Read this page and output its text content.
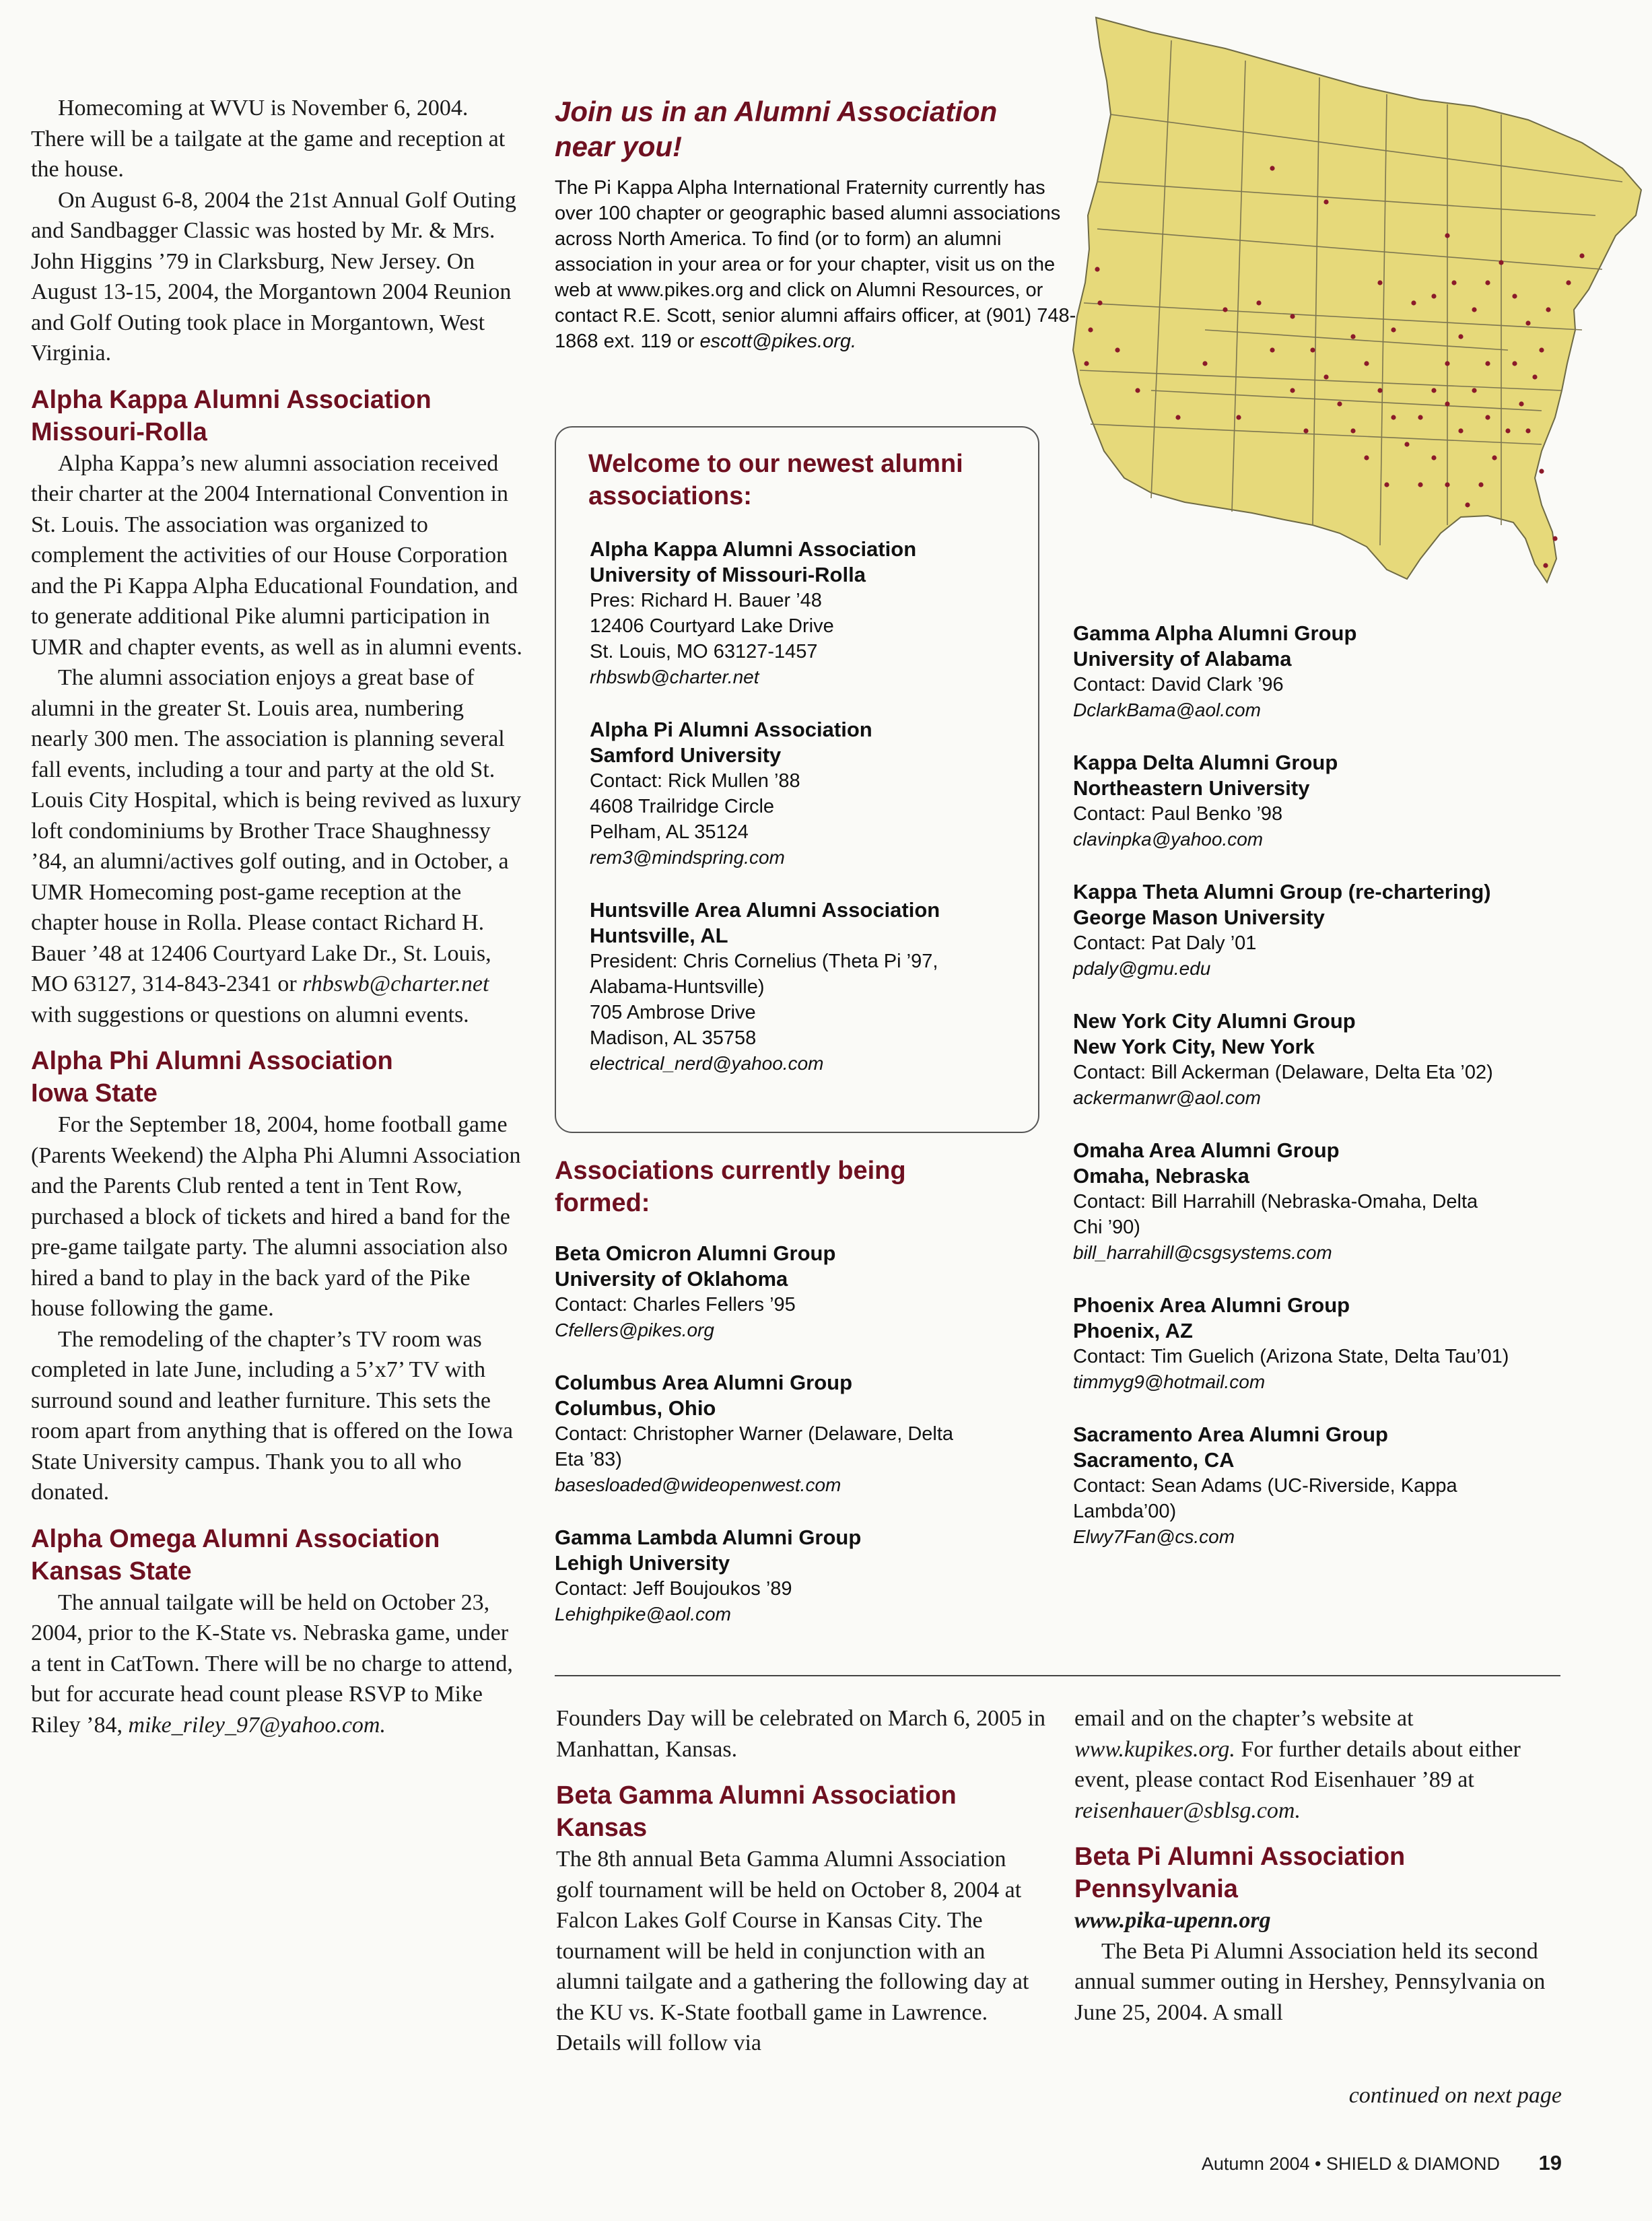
Homecoming at WVU is November 6, 2004. There will be a tailgate at the game and reception at the house.

On August 6-8, 2004 the 21st Annual Golf Outing and Sandbagger Classic was hosted by Mr. & Mrs. John Higgins ’79 in Clarksburg, New Jersey. On August 13-15, 2004, the Morgantown 2004 Reunion and Golf Outing took place in Morgantown, West Virginia.

Alpha Kappa Alumni Association
Missouri-Rolla

Alpha Kappa’s new alumni association received their charter at the 2004 International Convention in St. Louis. The association was organized to complement the activities of our House Corporation and the Pi Kappa Alpha Educational Foundation, and to generate additional Pike alumni participation in UMR and chapter events, as well as in alumni events.

The alumni association enjoys a great base of alumni in the greater St. Louis area, numbering nearly 300 men. The association is planning several fall events, including a tour and party at the old St. Louis City Hospital, which is being revived as luxury loft condominiums by Brother Trace Shaughnessy ’84, an alumni/actives golf outing, and in October, a UMR Homecoming post-game reception at the chapter house in Rolla. Please contact Richard H. Bauer ’48 at 12406 Courtyard Lake Dr., St. Louis, MO 63127, 314-843-2341 or rhbswb@charter.net with suggestions or questions on alumni events.

Alpha Phi Alumni Association
Iowa State

For the September 18, 2004, home football game (Parents Weekend) the Alpha Phi Alumni Association and the Parents Club rented a tent in Tent Row, purchased a block of tickets and hired a band for the pre-game tailgate party. The alumni association also hired a band to play in the back yard of the Pike house following the game.

The remodeling of the chapter’s TV room was completed in late June, including a 5’x7’ TV with surround sound and leather furniture. This sets the room apart from anything that is offered on the Iowa State University campus. Thank you to all who donated.

Alpha Omega Alumni Association
Kansas State

The annual tailgate will be held on October 23, 2004, prior to the K-State vs. Nebraska game, under a tent in CatTown. There will be no charge to attend, but for accurate head count please RSVP to Mike Riley ’84, mike_riley_97@yahoo.com.

Join us in an Alumni Association
near you!

The Pi Kappa Alpha International Fraternity currently has over 100 chapter or geographic based alumni associations across North America. To find (or to form) an alumni association in your area or for your chapter, visit us on the web at www.pikes.org and click on Alumni Resources, or contact R.E. Scott, senior alumni affairs officer, at (901) 748-1868 ext. 119 or escott@pikes.org.

Welcome to our newest alumni
associations:

Alpha Kappa Alumni Association
University of Missouri-Rolla
Pres: Richard H. Bauer ’48
12406 Courtyard Lake Drive
St. Louis, MO 63127-1457
rhbswb@charter.net
Alpha Pi Alumni Association
Samford University
Contact: Rick Mullen ’88
4608 Trailridge Circle
Pelham, AL 35124
rem3@mindspring.com
Huntsville Area Alumni Association
Huntsville, AL
President: Chris Cornelius (Theta Pi ’97,
Alabama-Huntsville)
705 Ambrose Drive
Madison, AL 35758
electrical_nerd@yahoo.com

Associations currently being
formed:

Beta Omicron Alumni Group
University of Oklahoma
Contact: Charles Fellers ’95
Cfellers@pikes.org
Columbus Area Alumni Group
Columbus, Ohio
Contact: Christopher Warner (Delaware, Delta
Eta ’83)
basesloaded@wideopenwest.com
Gamma Lambda Alumni Group
Lehigh University
Contact: Jeff Boujoukos ’89
Lehighpike@aol.com
Gamma Alpha Alumni Group
University of Alabama
Contact: David Clark ’96
DclarkBama@aol.com
Kappa Delta Alumni Group
Northeastern University
Contact: Paul Benko ’98
clavinpka@yahoo.com
Kappa Theta Alumni Group (re-chartering)
George Mason University
Contact: Pat Daly ’01
pdaly@gmu.edu
New York City Alumni Group
New York City, New York
Contact: Bill Ackerman (Delaware, Delta Eta ’02)
ackermanwr@aol.com
Omaha Area Alumni Group
Omaha, Nebraska
Contact: Bill Harrahill (Nebraska-Omaha, Delta
Chi ’90)
bill_harrahill@csgsystems.com
Phoenix Area Alumni Group
Phoenix, AZ
Contact: Tim Guelich (Arizona State, Delta Tau’01)
timmyg9@hotmail.com
Sacramento Area Alumni Group
Sacramento, CA
Contact: Sean Adams (UC-Riverside, Kappa
Lambda’00)
Elwy7Fan@cs.com

Founders Day will be celebrated on March 6, 2005 in Manhattan, Kansas.

Beta Gamma Alumni Association
Kansas

The 8th annual Beta Gamma Alumni Association golf tournament will be held on October 8, 2004 at Falcon Lakes Golf Course in Kansas City. The tournament will be held in conjunction with an alumni tailgate and a gathering the following day at the KU vs. K-State football game in Lawrence. Details will follow via

email and on the chapter’s website at www.kupikes.org. For further details about either event, please contact Rod Eisenhauer ’89 at reisenhauer@sblsg.com.

Beta Pi Alumni Association
Pennsylvania

www.pika-upenn.org

The Beta Pi Alumni Association held its second annual summer outing in Hershey, Pennsylvania on June 25, 2004. A small

continued on next page
Autumn 2004 • SHIELD & DIAMOND 19
